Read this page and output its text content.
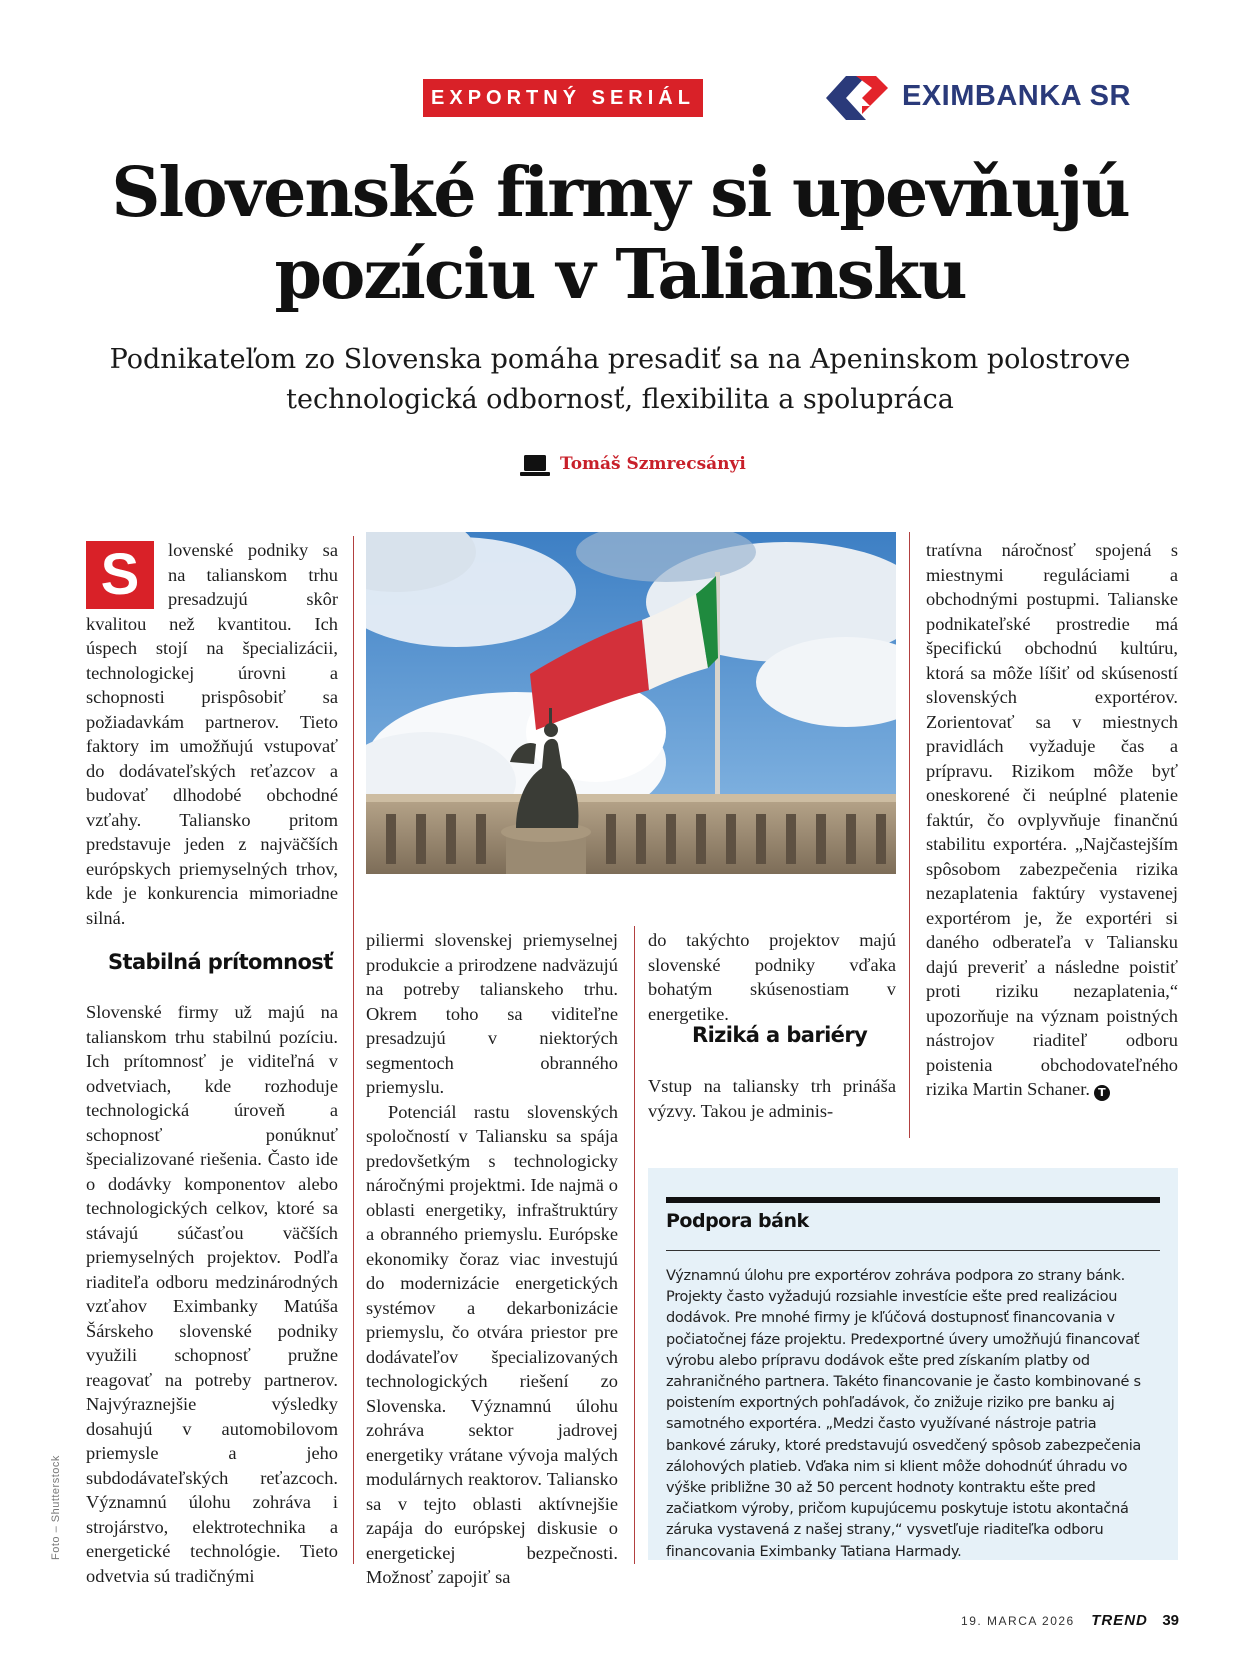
EXPORTNÝ SERIÁL	EXIMBANKA SR
Slovenské firmy si upevňujú
pozíciu v Taliansku
Podnikateľom zo Slovenska pomáha presadiť sa na Apeninskom polostrove
technologická odbornosť, flexibilita a spolupráca
Tomáš Szmrecsányi
S	lovenské podniky sa na talianskom trhu presadzujú skôr kvalitou než kvantitou. Ich úspech stojí na špecializácii, technologickej úrovni a schopnosti prispôsobiť sa požiadavkám partnerov. Tieto faktory im umožňujú vstupovať do dodávateľských reťazcov a budovať dlhodobé obchodné vzťahy. Taliansko pritom predstavuje jeden z najväčších európskych priemyselných trhov, kde je konkurencia mimoriadne silná.

Stabilná prítomnosť

Slovenské firmy už majú na talianskom trhu stabilnú pozíciu. Ich prítomnosť je viditeľná v odvetviach, kde rozhoduje technologická úroveň a schopnosť ponúknuť špecializované riešenia. Často ide o dodávky komponentov alebo technologických celkov, ktoré sa stávajú súčasťou väčších priemyselných projektov. Podľa riaditeľa odboru medzinárodných vzťahov Eximbanky Matúša Šárskeho slovenské podniky využili schopnosť pružne reagovať na potreby partnerov. Najvýraznejšie výsledky dosahujú v automobilovom priemysle a jeho subdodávateľských reťazcoch. Významnú úlohu zohráva i strojárstvo, elektrotechnika a energetické technológie. Tieto odvetvia sú tradičnými

piliermi slovenskej priemyselnej produkcie a prirodzene nadväzujú na potreby talianskeho trhu. Okrem toho sa viditeľne presadzujú v niektorých segmentoch obranného priemyslu.

Potenciál rastu slovenských spoločností v Taliansku sa spája predovšetkým s technologicky náročnými projektmi. Ide najmä o oblasti energetiky, infraštruktúry a obranného priemyslu. Európske ekonomiky čoraz viac investujú do modernizácie energetických systémov a dekarbonizácie priemyslu, čo otvára priestor pre dodávateľov špecializovaných technologických riešení zo Slovenska. Významnú úlohu zohráva sektor jadrovej energetiky vrátane vývoja malých modulárnych reaktorov. Taliansko sa v tejto oblasti aktívnejšie zapája do európskej diskusie o energetickej bezpečnosti. Možnosť zapojiť sa

do takýchto projektov majú slovenské podniky vďaka bohatým skúsenostiam v energetike.

Riziká a bariéry

Vstup na taliansky trh prináša výzvy. Takou je adminis-

tratívna náročnosť spojená s miestnymi reguláciami a obchodnými postupmi. Talianske podnikateľské prostredie má špecifickú obchodnú kultúru, ktorá sa môže líšiť od skúseností slovenských exportérov. Zorientovať sa v miestnych pravidlách vyžaduje čas a prípravu. Rizikom môže byť oneskorené či neúplné platenie faktúr, čo ovplyvňuje finančnú stabilitu exportéra. „Najčastejším spôsobom zabezpečenia rizika nezaplatenia faktúry vystavenej exportérom je, že exportéri si daného odberateľa v Taliansku dajú preveriť a následne poistiť proti riziku nezaplatenia,“ upozorňuje na význam poistných nástrojov riaditeľ odboru poistenia obchodovateľného rizika Martin Schaner. T

Podpora bánk
Významnú úlohu pre exportérov zohráva podpora zo strany bánk. Projekty často vyžadujú rozsiahle investície ešte pred realizáciou dodávok. Pre mnohé firmy je kľúčová dostupnosť financovania v počiatočnej fáze projektu. Predexportné úvery umožňujú financovať výrobu alebo prípravu dodávok ešte pred získaním platby od zahraničného partnera. Takéto financovanie je často kombinované s poistením exportných pohľadávok, čo znižuje riziko pre banku aj samotného exportéra. „Medzi často využívané nástroje patria bankové záruky, ktoré predstavujú osvedčený spôsob zabezpečenia zálohových platieb. Vďaka nim si klient môže dohodnúť úhradu vo výške približne 30 až 50 percent hodnoty kontraktu ešte pred začiatkom výroby, pričom kupujúcemu poskytuje istotu akontačná záruka vystavená z našej strany,“ vysvetľuje riaditeľka odboru financovania Eximbanky Tatiana Harmady.
Foto – Shutterstock
19. MARCA 2026 TREND 39
